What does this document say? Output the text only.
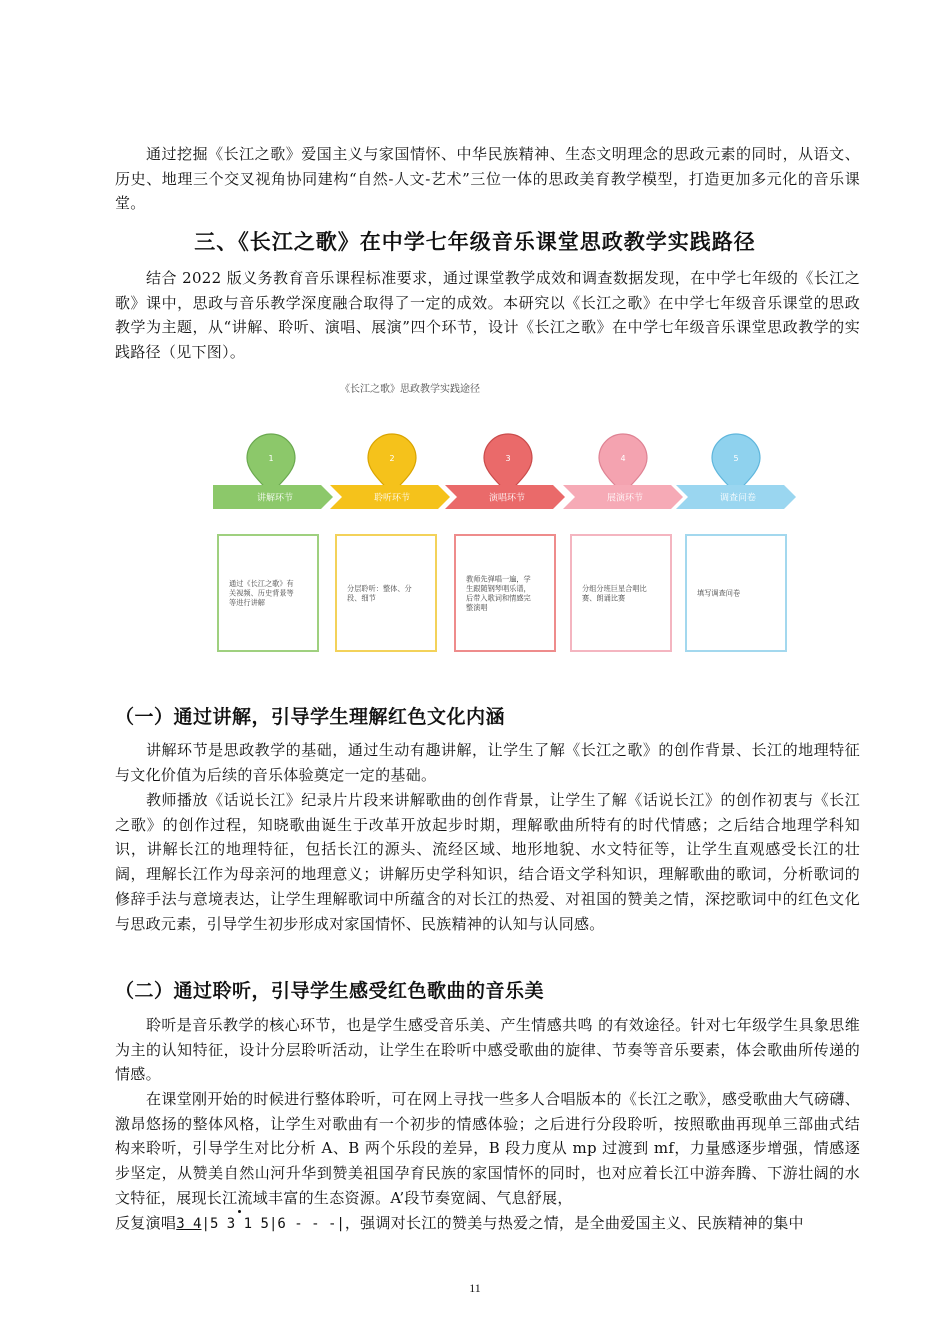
通过挖掘《长江之歌》爱国主义与家国情怀、中华民族精神、生态文明理念的思政元素的同时，从语文、历史、地理三个交叉视角协同建构“自然-人文-艺术”三位一体的思政美育教学模型，打造更加多元化的音乐课堂。

三、《长江之歌》在中学七年级音乐课堂思政教学实践路径

结合 2022 版义务教育音乐课程标准要求，通过课堂教学成效和调查数据发现，在中学七年级的《长江之歌》课中，思政与音乐教学深度融合取得了一定的成效。本研究以《长江之歌》在中学七年级音乐课堂的思政教学为主题，从“讲解、聆听、演唱、展演”四个环节，设计《长江之歌》在中学七年级音乐课堂思政教学的实践路径（见下图）。

《长江之歌》思政教学实践途径
1
讲解环节
通过《长江之歌》有关视频、历史背景等等进行讲解
2
聆听环节
分层聆听：整体、分段、细节
3
演唱环节
教师先弹唱一遍，学生跟随钢琴唱乐谱，后带入歌词和情感完整演唱
4
展演环节
分组分班巨星合唱比赛、朗诵比赛
5
调查问卷
填写调查问卷
（一）通过讲解，引导学生理解红色文化内涵

讲解环节是思政教学的基础，通过生动有趣讲解，让学生了解《长江之歌》的创作背景、长江的地理特征与文化价值为后续的音乐体验奠定一定的基础。

教师播放《话说长江》纪录片片段来讲解歌曲的创作背景，让学生了解《话说长江》的创作初衷与《长江之歌》的创作过程，知晓歌曲诞生于改革开放起步时期，理解歌曲所特有的时代情感；之后结合地理学科知识，讲解长江的地理特征，包括长江的源头、流经区域、地形地貌、水文特征等，让学生直观感受长江的壮阔，理解长江作为母亲河的地理意义；讲解历史学科知识，结合语文学科知识，理解歌曲的歌词，分析歌词的修辞手法与意境表达，让学生理解歌词中所蕴含的对长江的热爱、对祖国的赞美之情，深挖歌词中的红色文化与思政元素，引导学生初步形成对家国情怀、民族精神的认知与认同感。

（二）通过聆听，引导学生感受红色歌曲的音乐美

聆听是音乐教学的核心环节，也是学生感受音乐美、产生情感共鸣 的有效途径。针对七年级学生具象思维为主的认知特征，设计分层聆听活动，让学生在聆听中感受歌曲的旋律、节奏等音乐要素，体会歌曲所传递的情感。

在课堂刚开始的时候进行整体聆听，可在网上寻找一些多人合唱版本的《长江之歌》，感受歌曲大气磅礴、激昂悠扬的整体风格，让学生对歌曲有一个初步的情感体验；之后进行分段聆听，按照歌曲再现单三部曲式结构来聆听，引导学生对比分析 A、B 两个乐段的差异，B 段力度从 mp 过渡到 mf，力量感逐步增强，情感逐步坚定，从赞美自然山河升华到赞美祖国孕育民族的家国情怀的同时，也对应着长江中游奔腾、下游壮阔的水文特征，展现长江流域丰富的生态资源。A’段节奏宽阔、气息舒展，

反复演唱3 4|5 3 1 5|6 - - -|，强调对长江的赞美与热爱之情，是全曲爱国主义、民族精神的集中

11
